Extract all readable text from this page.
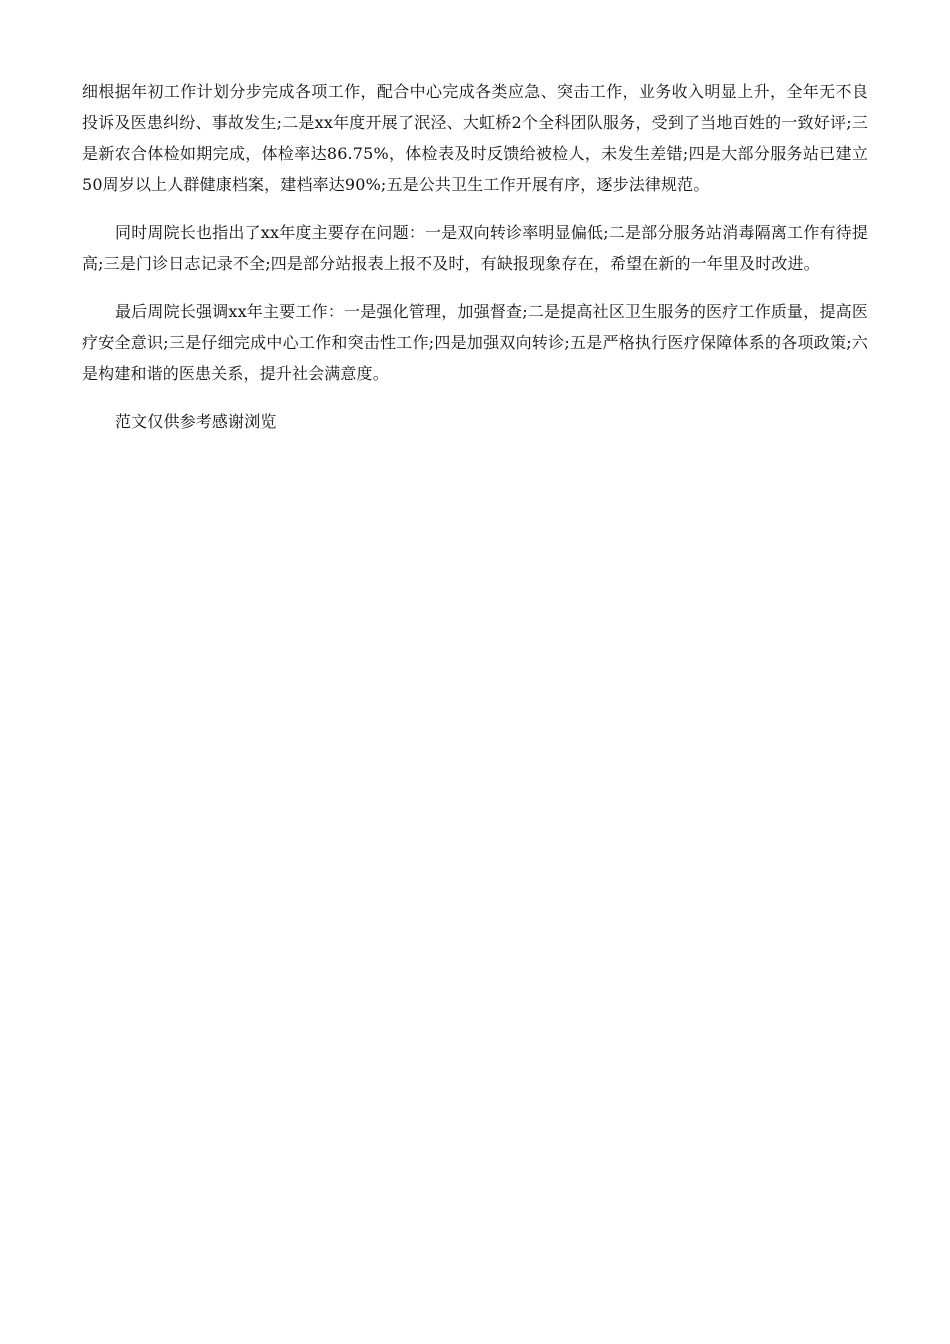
细根据年初工作计划分步完成各项工作，配合中心完成各类应急、突击工作，业务收入明显上升，全年无不良投诉及医患纠纷、事故发生;二是xx年度开展了泯泾、大虹桥2个全科团队服务，受到了当地百姓的一致好评;三是新农合体检如期完成，体检率达86.75%，体检表及时反馈给被检人，未发生差错;四是大部分服务站已建立50周岁以上人群健康档案，建档率达90%;五是公共卫生工作开展有序，逐步法律规范。

同时周院长也指出了xx年度主要存在问题：一是双向转诊率明显偏低;二是部分服务站消毒隔离工作有待提高;三是门诊日志记录不全;四是部分站报表上报不及时，有缺报现象存在，希望在新的一年里及时改进。

最后周院长强调xx年主要工作：一是强化管理，加强督查;二是提高社区卫生服务的医疗工作质量，提高医疗安全意识;三是仔细完成中心工作和突击性工作;四是加强双向转诊;五是严格执行医疗保障体系的各项政策;六是构建和谐的医患关系，提升社会满意度。

范文仅供参考感谢浏览
